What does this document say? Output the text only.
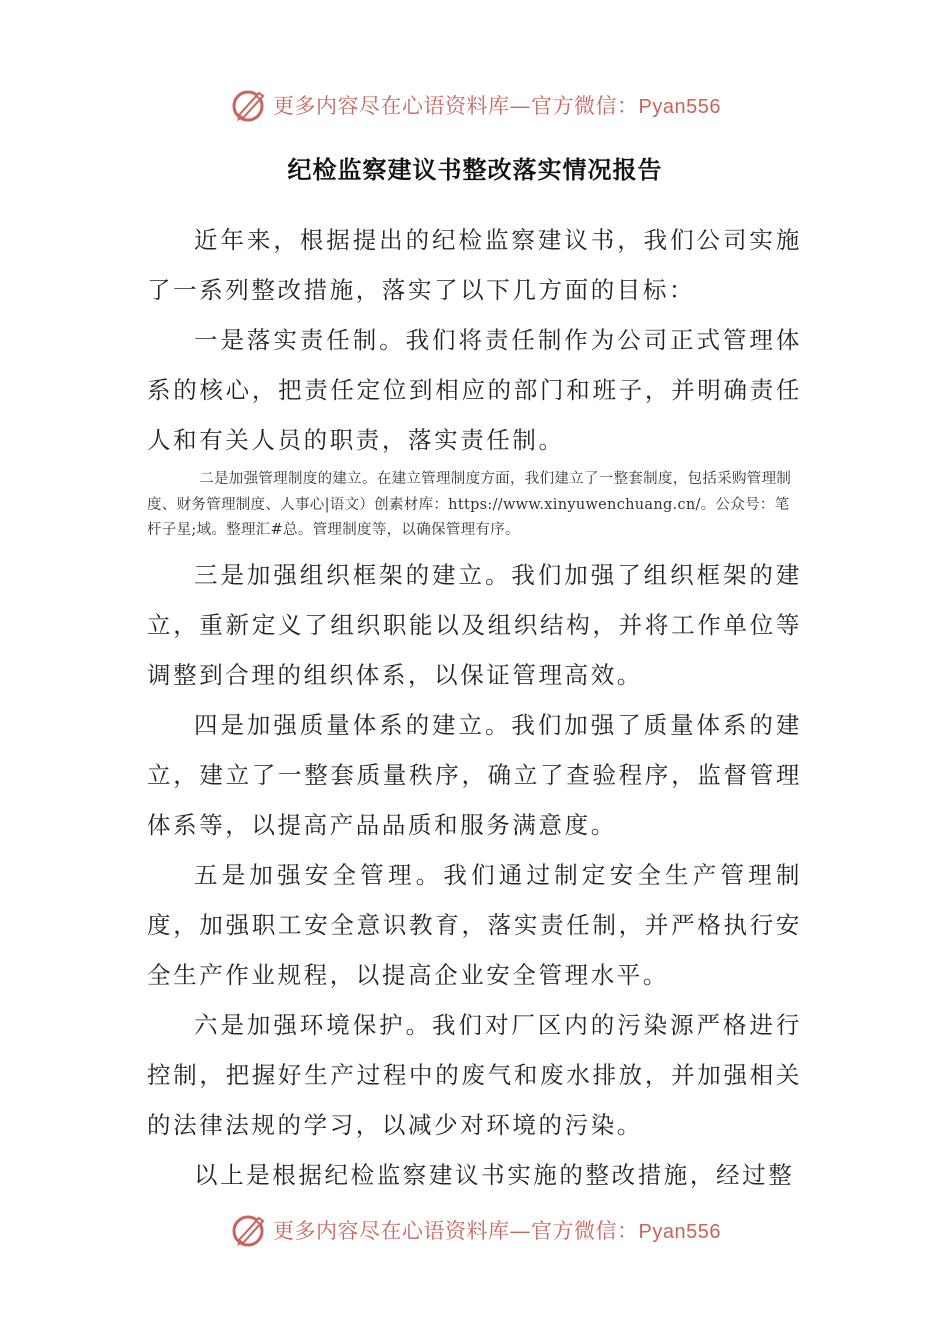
更多内容尽在心语资料库—官方微信：Pyan556
纪检监察建议书整改落实情况报告

近年来，根据提出的纪检监察建议书，我们公司实施了一系列整改措施，落实了以下几方面的目标：

一是落实责任制。我们将责任制作为公司正式管理体系的核心，把责任定位到相应的部门和班子，并明确责任人和有关人员的职责，落实责任制。

二是加强管理制度的建立。在建立管理制度方面，我们建立了一整套制度，包括采购管理制度、财务管理制度、人事心|语文）创素材库：https://www.xinyuwenchuang.cn/。公众号：笔杆子星;域。整理汇#总。管理制度等，以确保管理有序。

三是加强组织框架的建立。我们加强了组织框架的建立，重新定义了组织职能以及组织结构，并将工作单位等调整到合理的组织体系，以保证管理高效。

四是加强质量体系的建立。我们加强了质量体系的建立，建立了一整套质量秩序，确立了查验程序，监督管理体系等，以提高产品品质和服务满意度。

五是加强安全管理。我们通过制定安全生产管理制度，加强职工安全意识教育，落实责任制，并严格执行安全生产作业规程，以提高企业安全管理水平。

六是加强环境保护。我们对厂区内的污染源严格进行控制，把握好生产过程中的废气和废水排放，并加强相关的法律法规的学习，以减少对环境的污染。

以上是根据纪检监察建议书实施的整改措施，经过整

更多内容尽在心语资料库—官方微信：Pyan556
